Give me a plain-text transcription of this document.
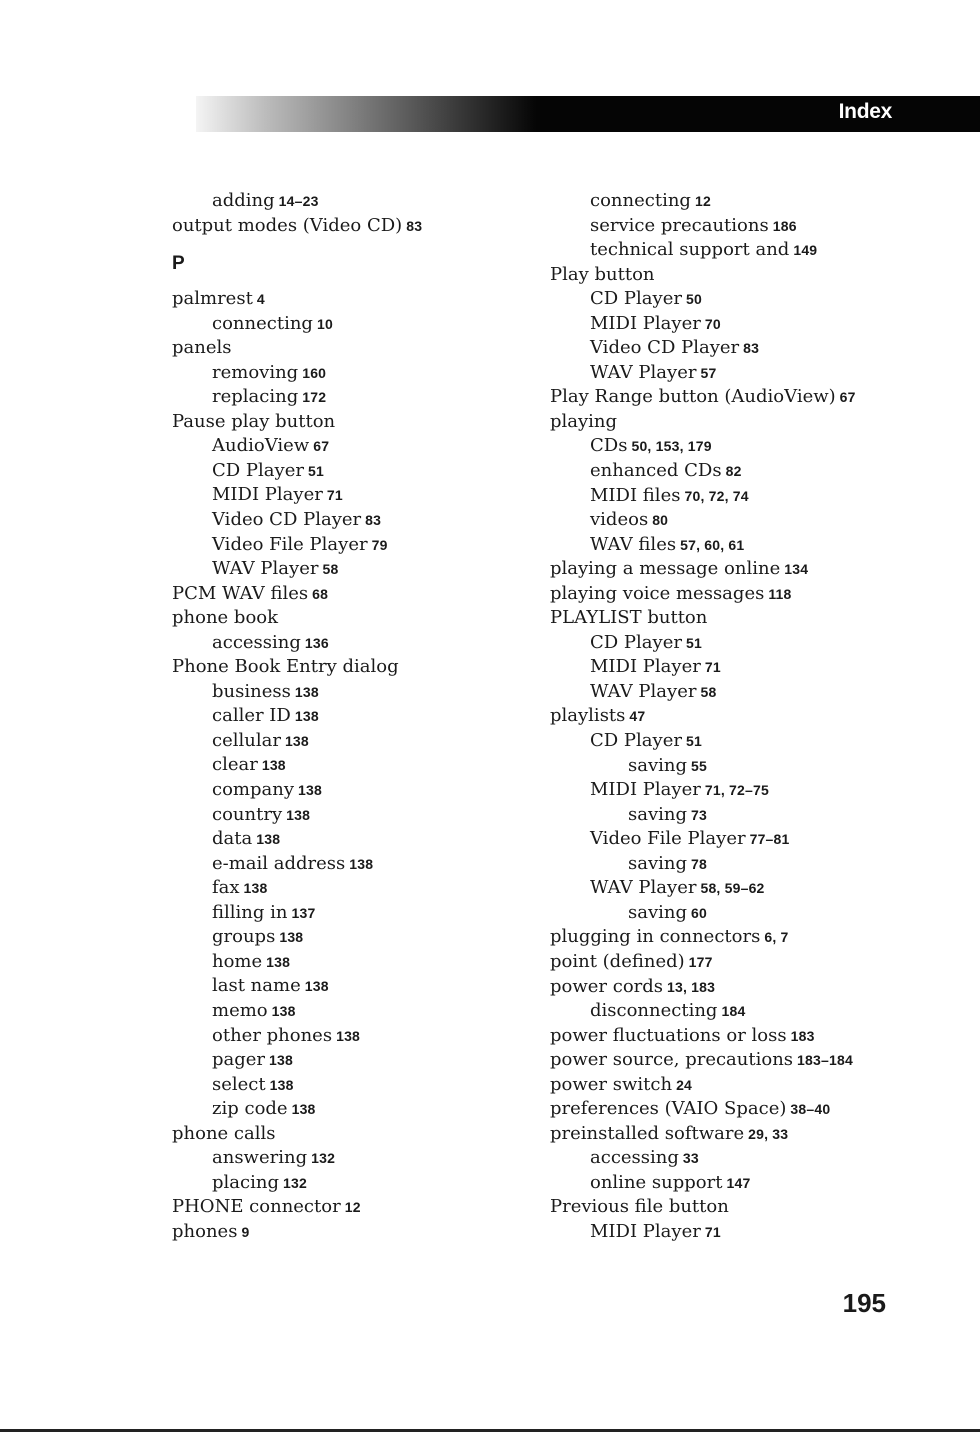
Index
adding 14–23
output modes (Video CD) 83
P
palmrest 4
connecting 10
panels
removing 160
replacing 172
Pause play button
AudioView 67
CD Player 51
MIDI Player 71
Video CD Player 83
Video File Player 79
WAV Player 58
PCM WAV files 68
phone book
accessing 136
Phone Book Entry dialog
business 138
caller ID 138
cellular 138
clear 138
company 138
country 138
data 138
e-mail address 138
fax 138
filling in 137
groups 138
home 138
last name 138
memo 138
other phones 138
pager 138
select 138
zip code 138
phone calls
answering 132
placing 132
PHONE connector 12
phones 9
connecting 12
service precautions 186
technical support and 149
Play button
CD Player 50
MIDI Player 70
Video CD Player 83
WAV Player 57
Play Range button (AudioView) 67
playing
CDs 50, 153, 179
enhanced CDs 82
MIDI files 70, 72, 74
videos 80
WAV files 57, 60, 61
playing a message online 134
playing voice messages 118
PLAYLIST button
CD Player 51
MIDI Player 71
WAV Player 58
playlists 47
CD Player 51
saving 55
MIDI Player 71, 72–75
saving 73
Video File Player 77–81
saving 78
WAV Player 58, 59–62
saving 60
plugging in connectors 6, 7
point (defined) 177
power cords 13, 183
disconnecting 184
power fluctuations or loss 183
power source, precautions 183–184
power switch 24
preferences (VAIO Space) 38–40
preinstalled software 29, 33
accessing 33
online support 147
Previous file button
MIDI Player 71
195
